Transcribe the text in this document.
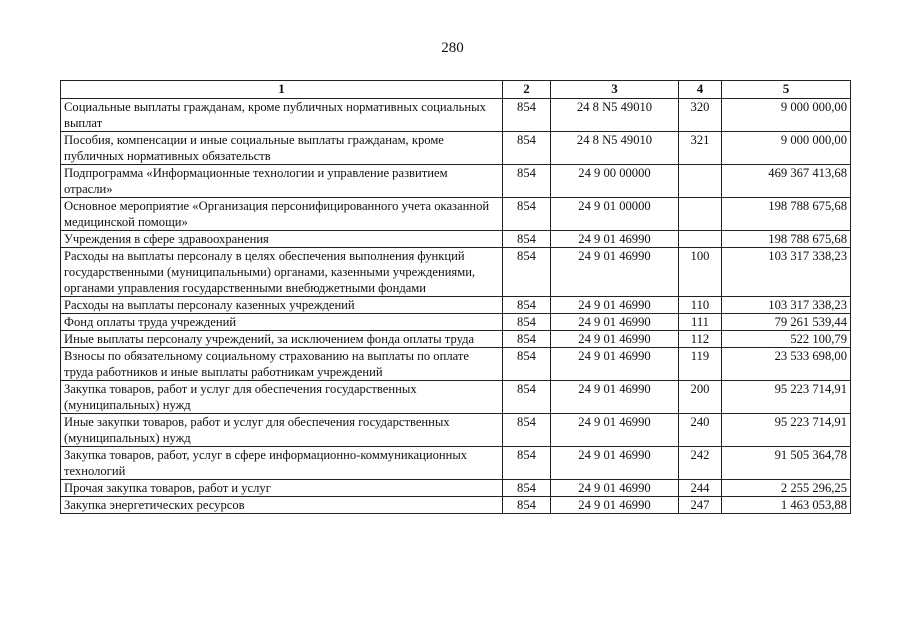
280
1	2	3	4	5
Социальные выплаты гражданам, кроме публичных нормативных социальных выплат	854	24 8 N5 49010	320	9 000 000,00
Пособия, компенсации и иные социальные выплаты гражданам, кроме публичных нормативных обязательств	854	24 8 N5 49010	321	9 000 000,00
Подпрограмма «Информационные технологии и управление развитием отрасли»	854	24 9 00 00000		469 367 413,68
Основное мероприятие «Организация персонифицированного учета оказанной медицинской помощи»	854	24 9 01 00000		198 788 675,68
Учреждения в сфере здравоохранения	854	24 9 01 46990		198 788 675,68
Расходы на выплаты персоналу в целях обеспечения выполнения функций государственными (муниципальными) органами, казенными учреждениями, органами управления государственными внебюджетными фондами	854	24 9 01 46990	100	103 317 338,23
Расходы на выплаты персоналу казенных учреждений	854	24 9 01 46990	110	103 317 338,23
Фонд оплаты труда учреждений	854	24 9 01 46990	111	79 261 539,44
Иные выплаты персоналу учреждений, за исключением фонда оплаты труда	854	24 9 01 46990	112	522 100,79
Взносы по обязательному социальному страхованию на выплаты по оплате труда работников и иные выплаты работникам учреждений	854	24 9 01 46990	119	23 533 698,00
Закупка товаров, работ и услуг для обеспечения государственных (муниципальных) нужд	854	24 9 01 46990	200	95 223 714,91
Иные закупки товаров, работ и услуг для обеспечения государственных (муниципальных) нужд	854	24 9 01 46990	240	95 223 714,91
Закупка товаров, работ, услуг в сфере информационно-коммуникационных технологий	854	24 9 01 46990	242	91 505 364,78
Прочая закупка товаров, работ и услуг	854	24 9 01 46990	244	2 255 296,25
Закупка энергетических ресурсов	854	24 9 01 46990	247	1 463 053,88
